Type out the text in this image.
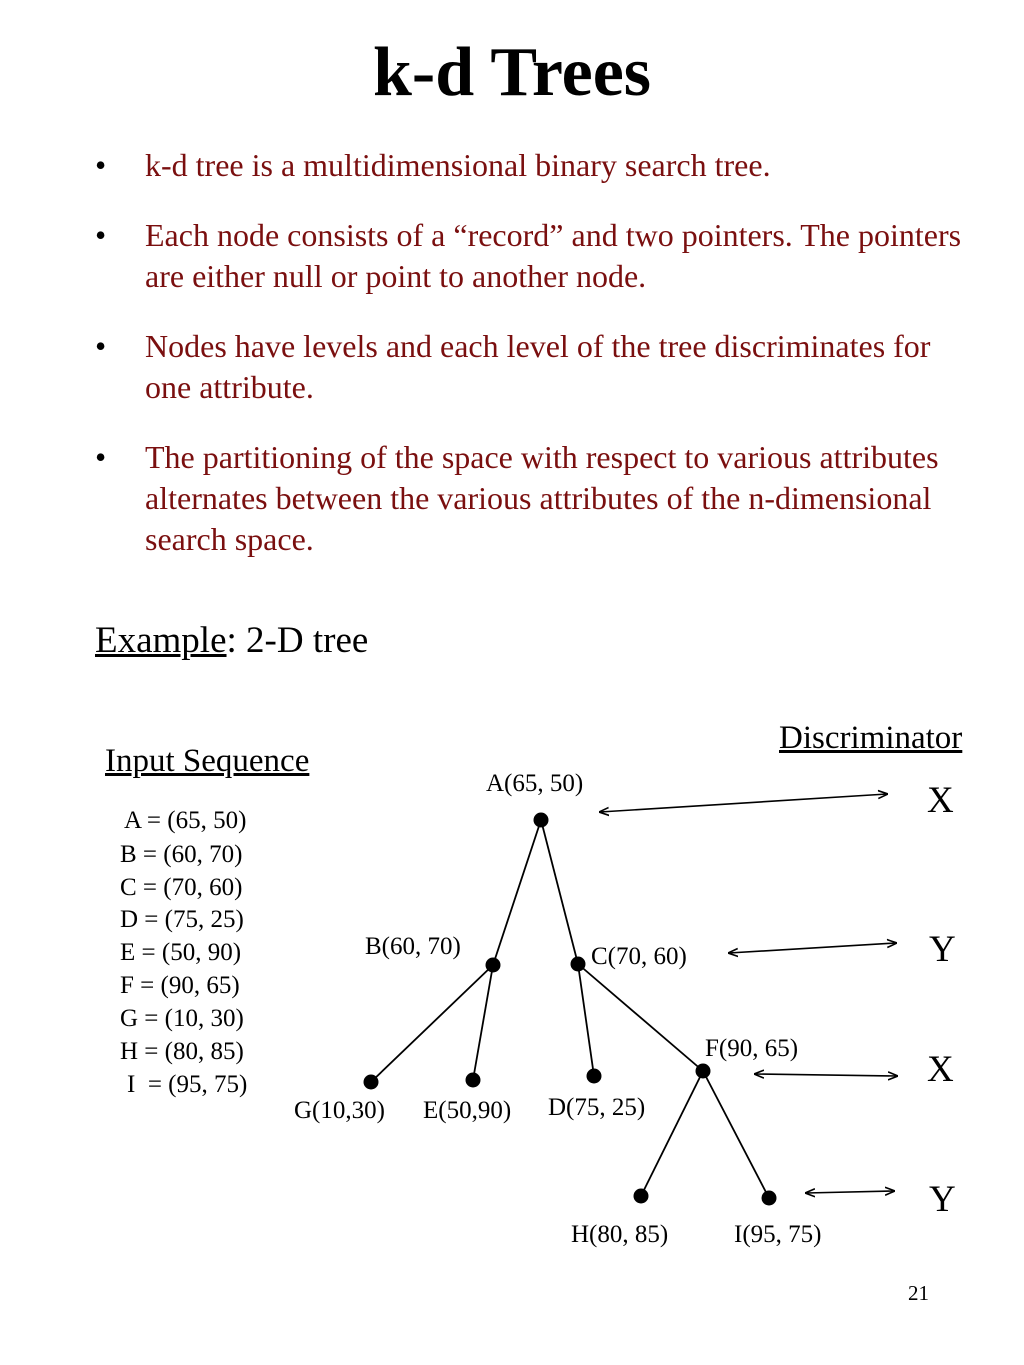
k-d Trees
• k-d tree is a multidimensional binary search tree.
• Each node consists of a “record” and two pointers. The pointers are either null or point to another node.
• Nodes have levels and each level of the tree discriminates for one attribute.
• The partitioning of the space with respect to various attributes alternates between the various attributes of the n-dimensional search space.
Example: 2-D tree
Input Sequence
A = (65, 50)
B = (60, 70)
C = (70, 60)
D = (75, 25)
E = (50, 90)
F = (90, 65)
G = (10, 30)
H = (80, 85)
I  = (95, 75)
Discriminator
X
Y
X
Y
A(65, 50)
B(60, 70)	C(70, 60)
F(90, 65)
G(10,30) E(50,90) D(75, 25)
H(80, 85)	I(95, 75)
21
